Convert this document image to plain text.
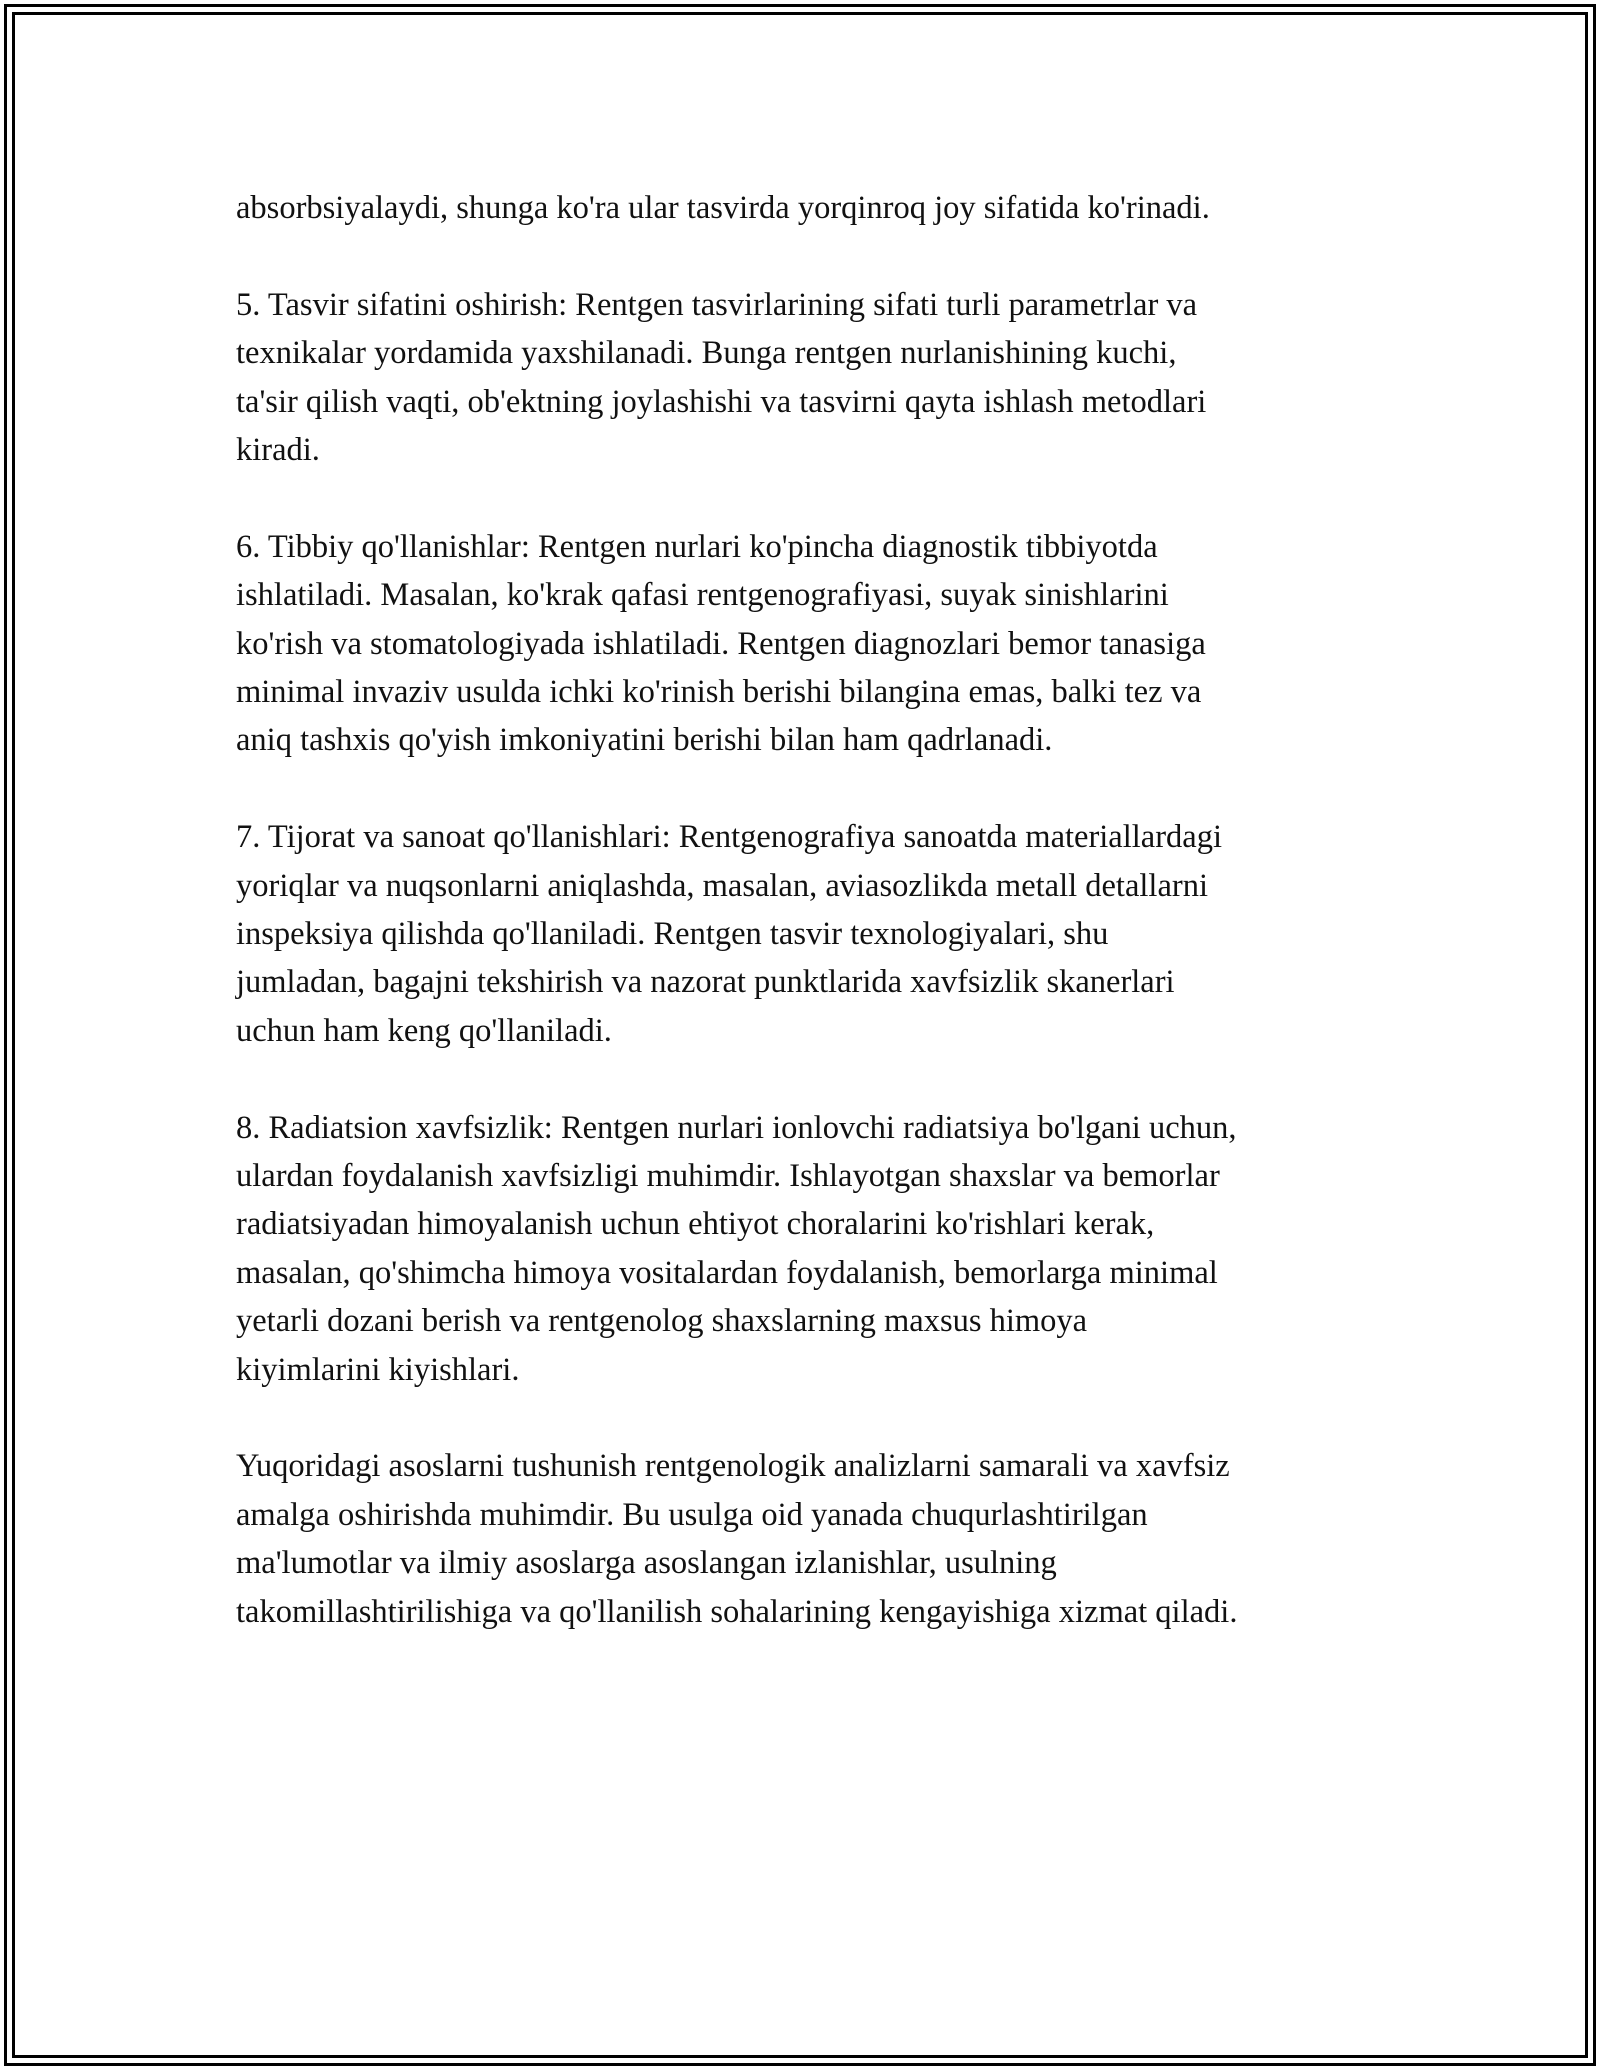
absorbsiyalaydi, shunga ko'ra ular tasvirda yorqinroq joy sifatida ko'rinadi.

5. Tasvir sifatini oshirish: Rentgen tasvirlarining sifati turli parametrlar va
texnikalar yordamida yaxshilanadi. Bunga rentgen nurlanishining kuchi,
ta'sir qilish vaqti, ob'ektning joylashishi va tasvirni qayta ishlash metodlari
kiradi.

6. Tibbiy qo'llanishlar: Rentgen nurlari ko'pincha diagnostik tibbiyotda
ishlatiladi. Masalan, ko'krak qafasi rentgenografiyasi, suyak sinishlarini
ko'rish va stomatologiyada ishlatiladi. Rentgen diagnozlari bemor tanasiga
minimal invaziv usulda ichki ko'rinish berishi bilangina emas, balki tez va
aniq tashxis qo'yish imkoniyatini berishi bilan ham qadrlanadi.

7. Tijorat va sanoat qo'llanishlari: Rentgenografiya sanoatda materiallardagi
yoriqlar va nuqsonlarni aniqlashda, masalan, aviasozlikda metall detallarni
inspeksiya qilishda qo'llaniladi. Rentgen tasvir texnologiyalari, shu
jumladan, bagajni tekshirish va nazorat punktlarida xavfsizlik skanerlari
uchun ham keng qo'llaniladi.

8. Radiatsion xavfsizlik: Rentgen nurlari ionlovchi radiatsiya bo'lgani uchun,
ulardan foydalanish xavfsizligi muhimdir. Ishlayotgan shaxslar va bemorlar
radiatsiyadan himoyalanish uchun ehtiyot choralarini ko'rishlari kerak,
masalan, qo'shimcha himoya vositalardan foydalanish, bemorlarga minimal
yetarli dozani berish va rentgenolog shaxslarning maxsus himoya
kiyimlarini kiyishlari.

Yuqoridagi asoslarni tushunish rentgenologik analizlarni samarali va xavfsiz
amalga oshirishda muhimdir. Bu usulga oid yanada chuqurlashtirilgan
ma'lumotlar va ilmiy asoslarga asoslangan izlanishlar, usulning
takomillashtirilishiga va qo'llanilish sohalarining kengayishiga xizmat qiladi.
